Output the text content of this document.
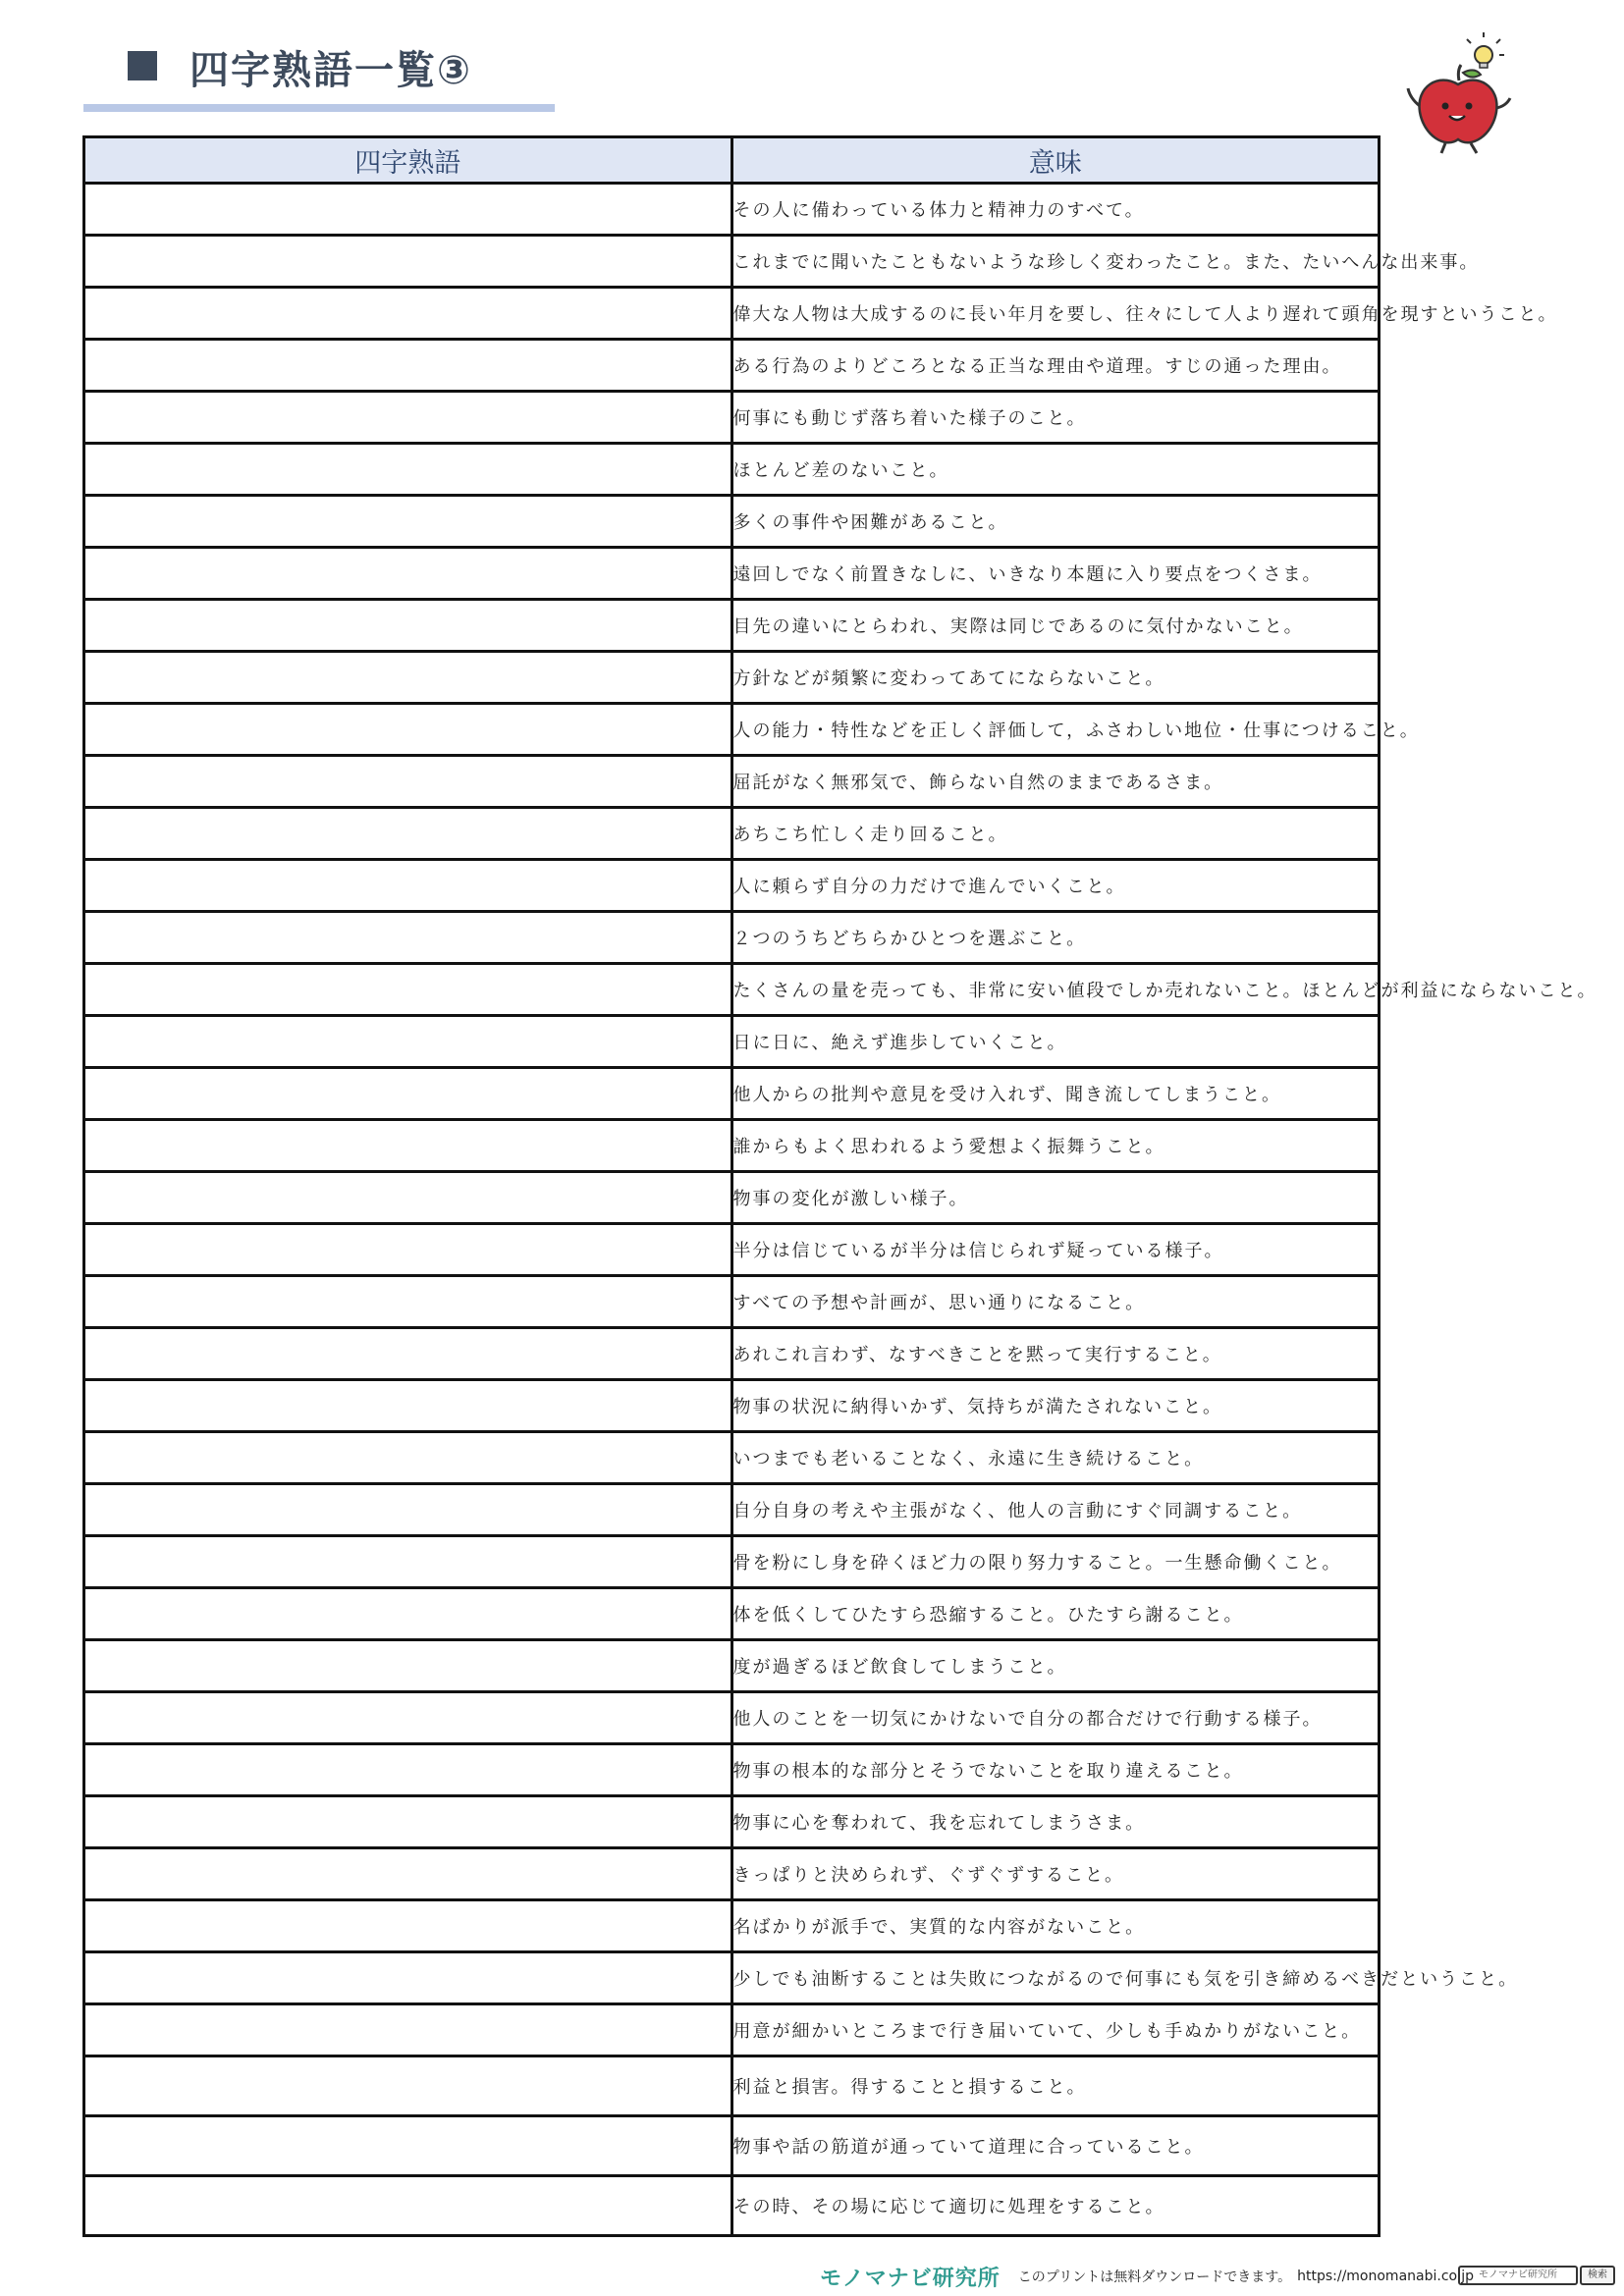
四字熟語一覧③
四字熟語	意味
	その人に備わっている体力と精神力のすべて。
	これまでに聞いたこともないような珍しく変わったこと。また、たいへんな出来事。
	偉大な人物は大成するのに長い年月を要し、往々にして人より遅れて頭角を現すということ。
	ある行為のよりどころとなる正当な理由や道理。すじの通った理由。
	何事にも動じず落ち着いた様子のこと。
	ほとんど差のないこと。
	多くの事件や困難があること。
	遠回しでなく前置きなしに、いきなり本題に入り要点をつくさま。
	目先の違いにとらわれ、実際は同じであるのに気付かないこと。
	方針などが頻繁に変わってあてにならないこと。
	人の能力・特性などを正しく評価して，ふさわしい地位・仕事につけること。
	屈託がなく無邪気で、飾らない自然のままであるさま。
	あちこち忙しく走り回ること。
	人に頼らず自分の力だけで進んでいくこと。
	２つのうちどちらかひとつを選ぶこと。
	たくさんの量を売っても、非常に安い値段でしか売れないこと。ほとんどが利益にならないこと。
	日に日に、絶えず進歩していくこと。
	他人からの批判や意見を受け入れず、聞き流してしまうこと。
	誰からもよく思われるよう愛想よく振舞うこと。
	物事の変化が激しい様子。
	半分は信じているが半分は信じられず疑っている様子。
	すべての予想や計画が、思い通りになること。
	あれこれ言わず、なすべきことを黙って実行すること。
	物事の状況に納得いかず、気持ちが満たされないこと。
	いつまでも老いることなく、永遠に生き続けること。
	自分自身の考えや主張がなく、他人の言動にすぐ同調すること。
	骨を粉にし身を砕くほど力の限り努力すること。一生懸命働くこと。
	体を低くしてひたすら恐縮すること。ひたすら謝ること。
	度が過ぎるほど飲食してしまうこと。
	他人のことを一切気にかけないで自分の都合だけで行動する様子。
	物事の根本的な部分とそうでないことを取り違えること。
	物事に心を奪われて、我を忘れてしまうさま。
	きっぱりと決められず、ぐずぐずすること。
	名ばかりが派手で、実質的な内容がないこと。
	少しでも油断することは失敗につながるので何事にも気を引き締めるべきだということ。
	用意が細かいところまで行き届いていて、少しも手ぬかりがないこと。
	利益と損害。得することと損すること。
	物事や話の筋道が通っていて道理に合っていること。
	その時、その場に応じて適切に処理をすること。
モノマナビ研究所 このプリントは無料ダウンロードできます。 https://monomanabi.co.jp モノマナビ研究所	検索
